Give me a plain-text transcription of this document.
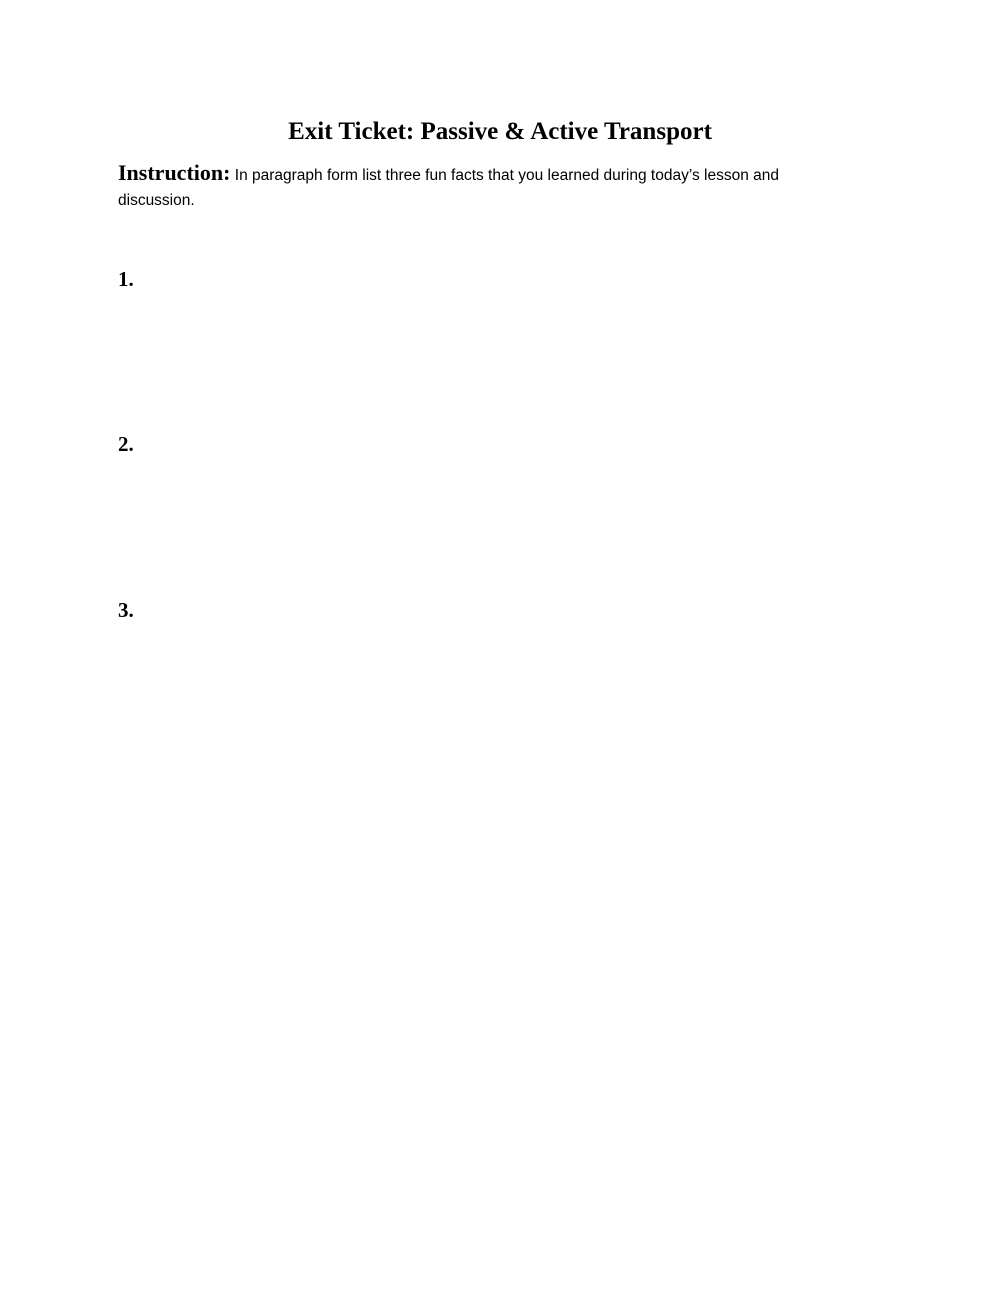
Exit Ticket: Passive & Active Transport

Instruction: In paragraph form list three fun facts that you learned during today’s lesson and discussion.

1.
2.
3.
